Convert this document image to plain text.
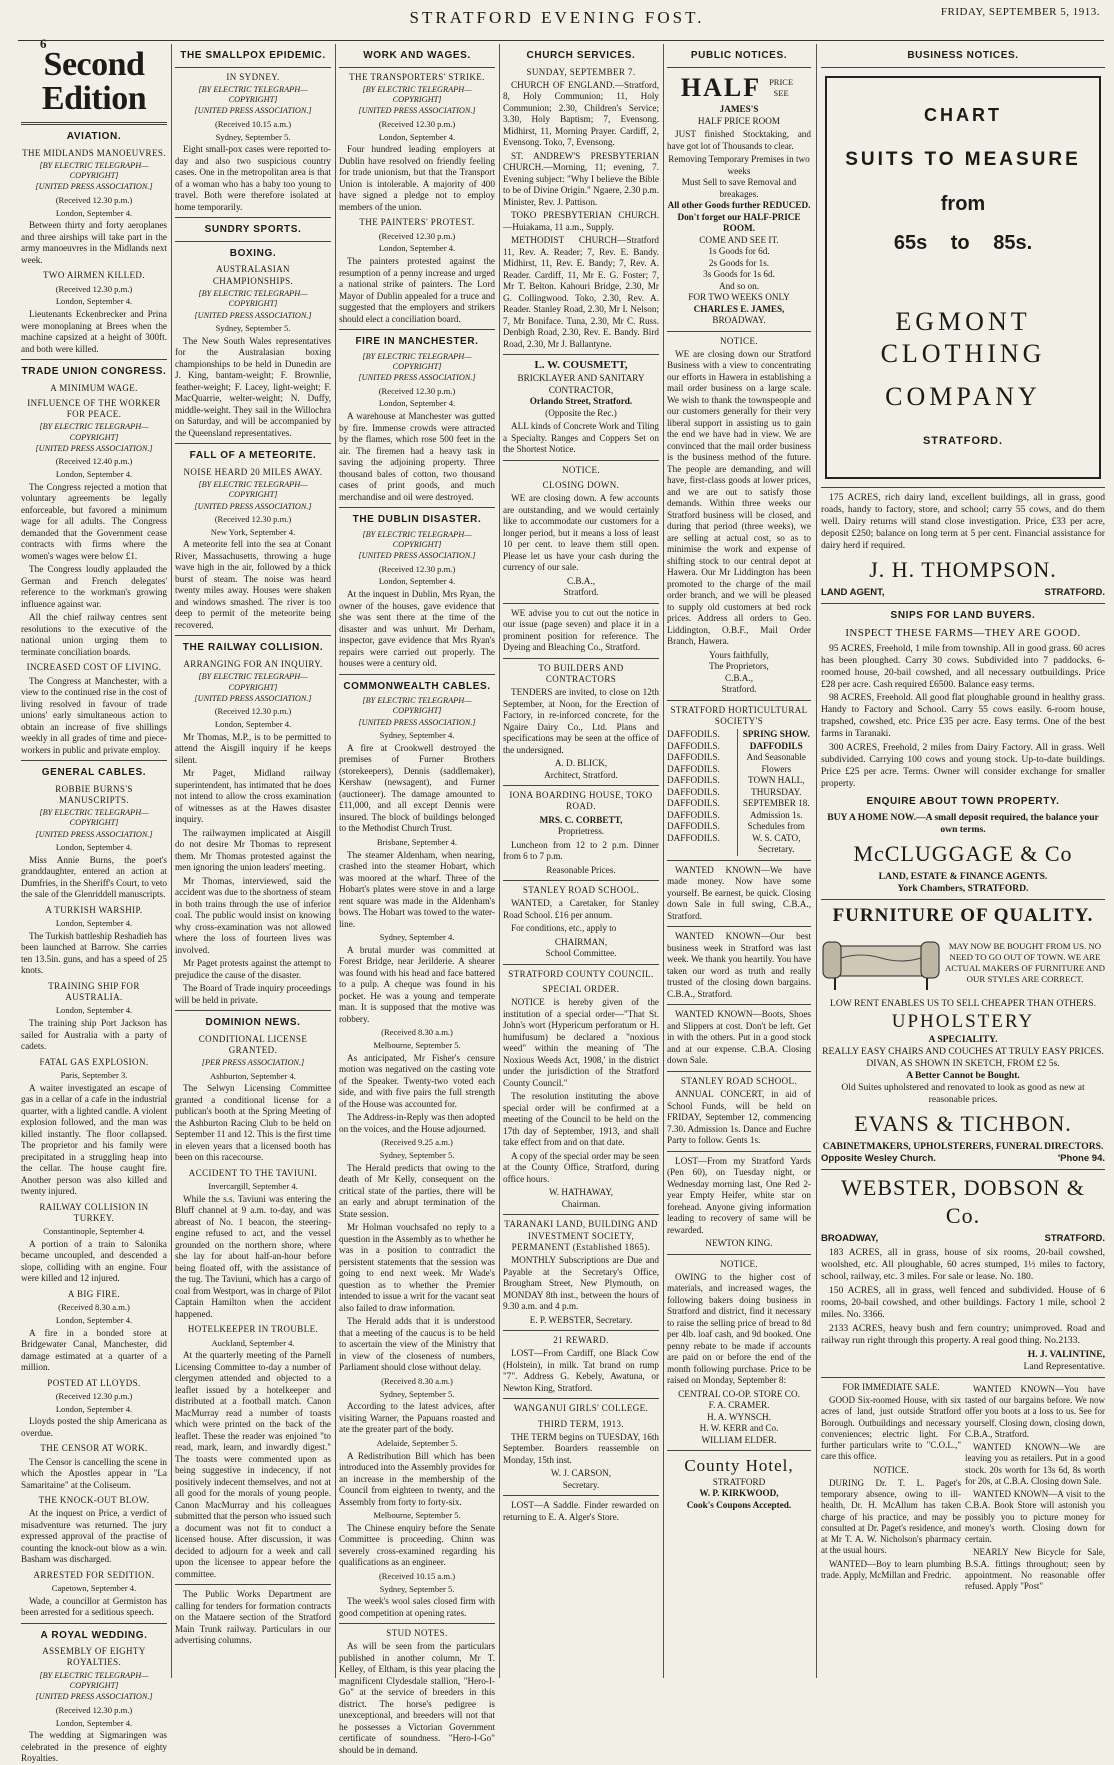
STRATFORD EVENING FOST.	FRIDAY, SEPTEMBER 5, 1913.
6
Second Edition
AVIATION.
THE MIDLANDS MANOEUVRES.
[BY ELECTRIC TELEGRAPH—COPYRIGHT]
[UNITED PRESS ASSOCIATION.]
(Received 12.30 p.m.)
London, September 4.
Between thirty and forty aeroplanes and three airships will take part in the army manoeuvres in the Midlands next week.
TWO AIRMEN KILLED.
(Received 12.30 p.m.)
London, September 4.
Lieutenants Eckenbrecker and Prina were monoplaning at Brees when the machine capsized at a height of 300ft. and both were killed.
TRADE UNION CONGRESS.
A MINIMUM WAGE.
INFLUENCE OF THE WORKER FOR PEACE.
[BY ELECTRIC TELEGRAPH—COPYRIGHT]
[UNITED PRESS ASSOCIATION.]
(Received 12.40 p.m.)
London, September 4.
The Congress rejected a motion that voluntary agreements be legally enforceable, but favored a minimum wage for all adults. The Congress demanded that the Government cease contracts with firms where the women's wages were below £1.
The Congress loudly applauded the German and French delegates' reference to the workman's growing influence against war.
All the chief railway centres sent resolutions to the executive of the national union urging them to terminate conciliation boards.
INCREASED COST OF LIVING.
The Congress at Manchester, with a view to the continued rise in the cost of living resolved in favour of trade unions' early simultaneous action to obtain an increase of five shillings weekly in all grades of time and piece-workers in public and private employ.
GENERAL CABLES.
ROBBIE BURNS'S MANUSCRIPTS.
[BY ELECTRIC TELEGRAPH—COPYRIGHT]
[UNITED PRESS ASSOCIATION.]
London, September 4.
Miss Annie Burns, the poet's granddaughter, entered an action at Dumfries, in the Sheriff's Court, to veto the sale of the Glenriddell manuscripts.
A TURKISH WARSHIP.
London, September 4.
The Turkish battleship Reshadieh has been launched at Barrow. She carries ten 13.5in. guns, and has a speed of 25 knots.
TRAINING SHIP FOR AUSTRALIA.
London, September 4.
The training ship Port Jackson has sailed for Australia with a party of cadets.
FATAL GAS EXPLOSION.
Paris, September 3.
A waiter investigated an escape of gas in a cellar of a cafe in the industrial quarter, with a lighted candle. A violent explosion followed, and the man was killed instantly. The floor collapsed. The proprietor and his family were precipitated in a struggling heap into the cellar. The house caught fire. Another person was also killed and twenty injured.
RAILWAY COLLISION IN TURKEY.
Constantinople, September 4.
A portion of a train to Salonika became uncoupled, and descended a slope, colliding with an engine. Four were killed and 12 injured.
A BIG FIRE.
(Received 8.30 a.m.)
London, September 4.
A fire in a bonded store at Bridgewater Canal, Manchester, did damage estimated at a quarter of a million.
POSTED AT LLOYDS.
(Received 12.30 p.m.)
London, September 4.
Lloyds posted the ship Americana as overdue.
THE CENSOR AT WORK.
The Censor is cancelling the scene in which the Apostles appear in "La Samaritaine" at the Coliseum.
THE KNOCK-OUT BLOW.
At the inquest on Price, a verdict of misadventure was returned. The jury expressed approval of the practise of counting the knock-out blow as a win. Basham was discharged.
ARRESTED FOR SEDITION.
Capetown, September 4.
Wade, a councillor at Germiston has been arrested for a seditious speech.
A ROYAL WEDDING.
ASSEMBLY OF EIGHTY ROYALTIES.
[BY ELECTRIC TELEGRAPH—COPYRIGHT]
[UNITED PRESS ASSOCIATION.]
(Received 12.30 p.m.)
London, September 4.
The wedding at Sigmaringen was celebrated in the presence of eighty Royalties.
THE SMALLPOX EPIDEMIC.
IN SYDNEY.
[BY ELECTRIC TELEGRAPH—COPYRIGHT]
[UNITED PRESS ASSOCIATION.]
(Received 10.15 a.m.)
Sydney, September 5.
Eight small-pox cases were reported to-day and also two suspicious country cases. One in the metropolitan area is that of a woman who has a baby too young to travel. Both were therefore isolated at home temporarily.
SUNDRY SPORTS.
BOXING.
AUSTRALASIAN CHAMPIONSHIPS.
[BY ELECTRIC TELEGRAPH—COPYRIGHT]
[UNITED PRESS ASSOCIATION.]
Sydney, September 5.
The New South Wales representatives for the Australasian boxing championships to be held in Dunedin are J. King, bantam-weight; F. Brownlie, feather-weight; F. Lacey, light-weight; F. MacQuarrie, welter-weight; N. Duffy, middle-weight. They sail in the Willochra on Saturday, and will be accompanied by the Queensland representatives.
FALL OF A METEORITE.
NOISE HEARD 20 MILES AWAY.
[BY ELECTRIC TELEGRAPH—COPYRIGHT]
[UNITED PRESS ASSOCIATION.]
(Received 12.30 p.m.)
New York, September 4.
A meteorite fell into the sea at Conant River, Massachusetts, throwing a huge wave high in the air, followed by a thick burst of steam. The noise was heard twenty miles away. Houses were shaken and windows smashed. The river is too deep to permit of the meteorite being recovered.
THE RAILWAY COLLISION.
ARRANGING FOR AN INQUIRY.
[BY ELECTRIC TELEGRAPH—COPYRIGHT]
[UNITED PRESS ASSOCIATION.]
(Received 12.30 p.m.)
London, September 4.
Mr Thomas, M.P., is to be permitted to attend the Aisgill inquiry if he keeps silent.
Mr Paget, Midland railway superintendent, has intimated that he does not intend to allow the cross examination of witnesses as at the Hawes disaster inquiry.
The railwaymen implicated at Aisgill do not desire Mr Thomas to represent them. Mr Thomas protested against the men ignoring the union leaders' meeting.
Mr Thomas, interviewed, said the accident was due to the shortness of steam in both trains through the use of inferior coal. The public would insist on knowing why cross-examination was not allowed where the loss of fourteen lives was involved.
Mr Paget protests against the attempt to prejudice the cause of the disaster.
The Board of Trade inquiry proceedings will be held in private.
DOMINION NEWS.
CONDITIONAL LICENSE GRANTED.
[PER PRESS ASSOCIATION.]
Ashburton, September 4.
The Selwyn Licensing Committee granted a conditional license for a publican's booth at the Spring Meeting of the Ashburton Racing Club to be held on September 11 and 12. This is the first time in eleven years that a licensed booth has been on this racecourse.
ACCIDENT TO THE TAVIUNI.
Invercargill, September 4.
While the s.s. Taviuni was entering the Bluff channel at 9 a.m. to-day, and was abreast of No. 1 beacon, the steering-engine refused to act, and the vessel grounded on the northern shore, where she lay for about half-an-hour before being floated off, with the assistance of the tug. The Taviuni, which has a cargo of coal from Westport, was in charge of Pilot Captain Hamilton when the accident happened.
HOTELKEEPER IN TROUBLE.
Auckland, September 4.
At the quarterly meeting of the Parnell Licensing Committee to-day a number of clergymen attended and objected to a leaflet issued by a hotelkeeper and distributed at a football match. Canon MacMurray read a number of toasts which were printed on the back of the leaflet. These the reader was enjoined "to read, mark, learn, and inwardly digest." The toasts were commented upon as being suggestive in indecency, if not positively indecent themselves, and not at all good for the morals of young people. Canon MacMurray and his colleagues submitted that the person who issued such a document was not fit to conduct a licensed house. After discussion, it was decided to adjourn for a week and call upon the licensee to appear before the committee.
The Public Works Department are calling for tenders for formation contracts on the Mataere section of the Stratford Main Trunk railway. Particulars in our advertising columns.
WORK AND WAGES.
THE TRANSPORTERS' STRIKE.
[BY ELECTRIC TELEGRAPH—COPYRIGHT]
[UNITED PRESS ASSOCIATION.]
(Received 12.30 p.m.)
London, September 4.
Four hundred leading employers at Dublin have resolved on friendly feeling for trade unionism, but that the Transport Union is intolerable. A majority of 400 have signed a pledge not to employ members of the union.
THE PAINTERS' PROTEST.
(Received 12.30 p.m.)
London, September 4.
The painters protested against the resumption of a penny increase and urged a national strike of painters. The Lord Mayor of Dublin appealed for a truce and suggested that the employers and strikers should elect a conciliation board.
FIRE IN MANCHESTER.
[BY ELECTRIC TELEGRAPH—COPYRIGHT]
[UNITED PRESS ASSOCIATION.]
(Received 12.30 p.m.)
London, September 4.
A warehouse at Manchester was gutted by fire. Immense crowds were attracted by the flames, which rose 500 feet in the air. The firemen had a heavy task in saving the adjoining property. Three thousand bales of cotton, two thousand cases of print goods, and much merchandise and oil were destroyed.
THE DUBLIN DISASTER.
[BY ELECTRIC TELEGRAPH—COPYRIGHT]
[UNITED PRESS ASSOCIATION.]
(Received 12.30 p.m.)
London, September 4.
At the inquest in Dublin, Mrs Ryan, the owner of the houses, gave evidence that she was sent there at the time of the disaster and was unhurt. Mr Derham, inspector, gave evidence that Mrs Ryan's repairs were carried out properly. The houses were a century old.
COMMONWEALTH CABLES.
[BY ELECTRIC TELEGRAPH—COPYRIGHT]
[UNITED PRESS ASSOCIATION.]
Sydney, September 4.
A fire at Crookwell destroyed the premises of Furner Brothers (storekeepers), Dennis (saddlemaker), Kershaw (newsagent), and Furner (auctioneer). The damage amounted to £11,000, and all except Dennis were insured. The block of buildings belonged to the Methodist Church Trust.
Brisbane, September 4.
The steamer Aldenham, when nearing, crashed into the steamer Hobart, which was moored at the wharf. Three of the Hobart's plates were stove in and a large rent square was made in the Aldenham's bows. The Hobart was towed to the water-line.
Sydney, September 4.
A brutal murder was committed at Forest Bridge, near Jerilderie. A shearer was found with his head and face battered to a pulp. A cheque was found in his pocket. He was a young and temperate man. It is supposed that the motive was robbery.
(Received 8.30 a.m.)
Melbourne, September 5.
As anticipated, Mr Fisher's censure motion was negatived on the casting vote of the Speaker. Twenty-two voted each side, and with five pairs the full strength of the House was accounted for.
The Address-in-Reply was then adopted on the voices, and the House adjourned.
(Received 9.25 a.m.)
Sydney, September 5.
The Herald predicts that owing to the death of Mr Kelly, consequent on the critical state of the parties, there will be an early and abrupt termination of the State session.
Mr Holman vouchsafed no reply to a question in the Assembly as to whether he was in a position to contradict the persistent statements that the session was going to end next week. Mr Wade's question as to whether the Premier intended to issue a writ for the vacant seat also failed to draw information.
The Herald adds that it is understood that a meeting of the caucus is to be held to ascertain the view of the Ministry that in view of the closeness of numbers, Parliament should close without delay.
(Received 8.30 a.m.)
Sydney, September 5.
According to the latest advices, after visiting Warner, the Papuans roasted and ate the greater part of the body.
Adelaide, September 5.
A Redistribution Bill which has been introduced into the Assembly provides for an increase in the membership of the Council from eighteen to twenty, and the Assembly from forty to forty-six.
Melbourne, September 5.
The Chinese enquiry before the Senate Committee is proceeding. Chinn was severely cross-examined regarding his qualifications as an engineer.
(Received 10.15 a.m.)
Sydney, September 5.
The week's wool sales closed firm with good competition at opening rates.
STUD NOTES.
As will be seen from the particulars published in another column, Mr T. Kelley, of Eltham, is this year placing the magnificent Clydesdale stallion, "Hero-I-Go" at the service of breeders in this district. The horse's pedigree is unexceptional, and breeders will not that he possesses a Victorian Government certificate of soundness. "Hero-I-Go" should be in demand.
CHURCH SERVICES.
SUNDAY, SEPTEMBER 7.
CHURCH OF ENGLAND.—Stratford, 8, Holy Communion; 11, Holy Communion; 2.30, Children's Service; 3.30, Holy Baptism; 7, Evensong. Midhirst, 11, Morning Prayer. Cardiff, 2, Evensong. Toko, 7, Evensong.
ST. ANDREW'S PRESBYTERIAN CHURCH.—Morning, 11; evening, 7. Evening subject: "Why I believe the Bible to be of Divine Origin." Ngaere, 2.30 p.m. Minister, Rev. J. Pattison.
TOKO PRESBYTERIAN CHURCH.—Huiakama, 11 a.m., Supply.
METHODIST CHURCH—Stratford 11, Rev. A. Reader; 7, Rev. E. Bandy. Midhirst, 11, Rev. E. Bandy; 7, Rev. A. Reader. Cardiff, 11, Mr E. G. Foster; 7, Mr T. Belton. Kahouri Bridge, 2.30, Mr G. Collingwood. Toko, 2.30, Rev. A. Reader. Stanley Road, 2.30, Mr I. Nelson; 7, Mr Boniface. Tuna, 2.30, Mr C. Russ. Denbigh Road, 2.30, Rev. E. Bandy. Bird Road, 2.30, Mr J. Ballantyne.
L. W. COUSMETT,
BRICKLAYER AND SANITARY CONTRACTOR,
Orlando Street, Stratford.
(Opposite the Rec.)
ALL kinds of Concrete Work and Tiling a Specialty. Ranges and Coppers Set on the Shortest Notice.
NOTICE.
CLOSING DOWN.
WE are closing down. A few accounts are outstanding, and we would certainly like to accommodate our customers for a longer period, but it means a loss of least 10 per cent. to leave them still open. Please let us have your cash during the currency of our sale.
C.B.A.,
Stratford.
WE advise you to cut out the notice in our issue (page seven) and place it in a prominent position for reference. The Dyeing and Bleaching Co., Stratford.
TO BUILDERS AND CONTRACTORS
TENDERS are invited, to close on 12th September, at Noon, for the Erection of Factory, in re-inforced concrete, for the Ngaire Dairy Co., Ltd. Plans and specifications may be seen at the office of the undersigned.
A. D. BLICK,
Architect, Stratford.
IONA BOARDING HOUSE, TOKO ROAD.
MRS. C. CORBETT,
Proprietress.
Luncheon from 12 to 2 p.m. Dinner from 6 to 7 p.m.
Reasonable Prices.
STANLEY ROAD SCHOOL.
WANTED, a Caretaker, for Stanley Road School. £16 per annum.
For conditions, etc., apply to
CHAIRMAN,
School Committee.
STRATFORD COUNTY COUNCIL.
SPECIAL ORDER.
NOTICE is hereby given of the institution of a special order—"That St. John's wort (Hypericum perforatum or H. humifusum) be declared a "noxious weed" within the meaning of 'The Noxious Weeds Act, 1908,' in the district under the jurisdiction of the Stratford County Council."
The resolution instituting the above special order will be confirmed at a meeting of the Council to be held on the 17th day of September, 1913, and shall take effect from and on that date.
A copy of the special order may be seen at the County Office, Stratford, during office hours.
W. HATHAWAY,
Chairman.
TARANAKI LAND, BUILDING AND INVESTMENT SOCIETY, PERMANENT (Established 1865).
MONTHLY Subscriptions are Due and Payable at the Secretary's Office, Brougham Street, New Plymouth, on MONDAY 8th inst., between the hours of 9.30 a.m. and 4 p.m.
E. P. WEBSTER, Secretary.
21 REWARD.
LOST—From Cardiff, one Black Cow (Holstein), in milk. Tat brand on rump "7". Address G. Kebely, Awatuna, or Newton King, Stratford.
WANGANUI GIRLS' COLLEGE.
THIRD TERM, 1913.
THE TERM begins on TUESDAY, 16th September. Boarders reassemble on Monday, 15th inst.
W. J. CARSON,
Secretary.
LOST—A Saddle. Finder rewarded on returning to E. A. Alger's Store.
PUBLIC NOTICES.
HALF PRICE SEE
JAMES'S
HALF PRICE ROOM
JUST finished Stocktaking, and have got lot of Thousands to clear.
Removing Temporary Premises in two weeks
Must Sell to save Removal and breakages.
All other Goods further REDUCED.
Don't forget our HALF-PRICE ROOM.
COME AND SEE IT.
1s Goods for 6d.
2s Goods for 1s.
3s Goods for 1s 6d.
And so on.
FOR TWO WEEKS ONLY
CHARLES E. JAMES,
BROADWAY.
NOTICE.
WE are closing down our Stratford Business with a view to concentrating our efforts in Hawera in establishing a mail order business on a large scale. We wish to thank the townspeople and our customers generally for their very liberal support in assisting us to gain the end we have had in view. We are convinced that the mail order business is the business method of the future. The people are demanding, and will have, first-class goods at lower prices, and we are out to satisfy those demands. Within three weeks our Stratford business will be closed, and during that period (three weeks), we are selling at actual cost, so as to minimise the work and expense of shifting stock to our central depot at Hawera. Our Mr Liddington has been promoted to the charge of the mail order branch, and we will be pleased to supply old customers at bed rock prices. Address all orders to Geo. Liddington, O.B.F., Mail Order Branch, Hawera.
Yours faithfully,
The Proprietors,
C.B.A.,
Stratford.
STRATFORD HORTICULTURAL SOCIETY'S
DAFFODILS.
DAFFODILS.
DAFFODILS.
DAFFODILS.
DAFFODILS.
DAFFODILS.
DAFFODILS.
DAFFODILS.
DAFFODILS.
DAFFODILS.
SPRING SHOW.
DAFFODILS
And Seasonable Flowers
TOWN HALL,
THURSDAY.
SEPTEMBER 18.
Admission 1s.
Schedules from
W. S. CATO,
Secretary.
WANTED KNOWN—We have made money. Now have some yourself. Be earnest, be quick. Closing down Sale in full swing, C.B.A., Stratford.
WANTED KNOWN—Our best business week in Stratford was last week. We thank you heartily. You have taken our word as truth and really trusted of the closing down bargains. C.B.A., Stratford.
WANTED KNOWN—Boots, Shoes and Slippers at cost. Don't be left. Get in with the others. Put in a good stock and at our expense. C.B.A. Closing down Sale.
STANLEY ROAD SCHOOL.
ANNUAL CONCERT, in aid of School Funds, will be held on FRIDAY, September 12, commencing 7.30. Admission 1s. Dance and Euchre Party to follow. Gents 1s.
LOST—From my Stratford Yards (Pen 60), on Tuesday night, or Wednesday morning last, One Red 2-year Empty Heifer, white star on forehead. Anyone giving information leading to recovery of same will be rewarded.
NEWTON KING.
NOTICE.
OWING to the higher cost of materials, and increased wages, the following bakers doing business in Stratford and district, find it necessary to raise the selling price of bread to 8d per 4lb. loaf cash, and 9d booked. One penny rebate to be made if accounts are paid on or before the end of the month following purchase. Price to be raised on Monday, September 8:
CENTRAL CO-OP. STORE CO.
F. A. CRAMER.
H. A. WYNSCH.
H. W. KERR and Co.
WILLIAM ELDER.
County Hotel,
STRATFORD
W. P. KIRKWOOD,
Cook's Coupons Accepted.
BUSINESS NOTICES.
CHART
SUITS TO MEASURE
from
65s to 85s.
EGMONT CLOTHING
COMPANY
STRATFORD.
175 ACRES, rich dairy land, excellent buildings, all in grass, good roads, handy to factory, store, and school; carry 55 cows, and do them well. Dairy returns will stand close investigation. Price, £33 per acre, deposit £250; balance on long term at 5 per cent. Financial assistance for dairy herd if required.
J. H. THOMPSON.
LAND AGENT,	STRATFORD.
SNIPS FOR LAND BUYERS.
INSPECT THESE FARMS—THEY ARE GOOD.
95 ACRES, Freehold, 1 mile from township. All in good grass. 60 acres has been ploughed. Carry 30 cows. Subdivided into 7 paddocks. 6-roomed house, 20-bail cowshed, and all necessary outbuildings. Price £28 per acre. Cash required £6500. Balance easy terms.
98 ACRES, Freehold. All good flat ploughable ground in healthy grass. Handy to Factory and School. Carry 55 cows easily. 6-room house, trapshed, cowshed, etc. Price £35 per acre. Easy terms. One of the best farms in Taranaki.
300 ACRES, Freehold, 2 miles from Dairy Factory. All in grass. Well subdivided. Carrying 100 cows and young stock. Up-to-date buildings. Price £25 per acre. Terms. Owner will consider exchange for smaller property.
ENQUIRE ABOUT TOWN PROPERTY.
BUY A HOME NOW.—A small deposit required, the balance your own terms.
McCLUGGAGE & Co
LAND, ESTATE & FINANCE AGENTS.
York Chambers, STRATFORD.
FURNITURE OF QUALITY.
MAY NOW BE BOUGHT FROM US. NO NEED TO GO OUT OF TOWN. WE ARE ACTUAL MAKERS OF FURNITURE AND OUR STYLES ARE CORRECT.
LOW RENT ENABLES US TO SELL CHEAPER THAN OTHERS.
UPHOLSTERY
A SPECIALITY.
REALLY EASY CHAIRS AND COUCHES AT TRULY EASY PRICES. DIVAN, AS SHOWN IN SKETCH, FROM £2 5s.
A Better Cannot be Bought.
Old Suites upholstered and renovated to look as good as new at reasonable prices.
EVANS & TICHBON.
CABINETMAKERS, UPHOLSTERERS, FUNERAL DIRECTORS.
Opposite Wesley Church.	'Phone 94.
WEBSTER, DOBSON & Co.
BROADWAY,	STRATFORD.
183 ACRES, all in grass, house of six rooms, 20-bail cowshed, woolshed, etc. All ploughable, 60 acres stumped, 1½ miles to factory, school, railway, etc. 3 miles. For sale or lease. No. 180.
150 ACRES, all in grass, well fenced and subdivided. House of 6 rooms, 20-bail cowshed, and other buildings. Factory 1 mile, school 2 miles. No. 3366.
2133 ACRES, heavy bush and fern country; unimproved. Road and railway run right through this property. A real good thing. No.2133.
H. J. VALINTINE,
Land Representative.
FOR IMMEDIATE SALE.
GOOD Six-roomed House, with six acres of land, just outside Stratford Borough. Outbuildings and necessary conveniences; electric light. For further particulars write to "C.O.L.," care this office.
NOTICE.
DURING Dr. T. L. Paget's temporary absence, owing to ill-health, Dr. H. McAllum has taken charge of his practice, and may be consulted at Dr. Paget's residence, and at Mr T. A. W. Nicholson's pharmacy at the usual hours.
WANTED—Boy to learn plumbing trade. Apply, McMillan and Fredric.
WANTED KNOWN—You have tasted of our bargains before. We now offer you boots at a loss to us. See for yourself. Closing down, closing down, C.B.A., Stratford.
WANTED KNOWN—We are leaving you as retailers. Put in a good stock. 20s worth for 13s 6d, 8s worth for 20s, at C.B.A. Closing down Sale.
WANTED KNOWN—A visit to the C.B.A. Book Store will astonish you possibly you to picture money for money's worth. Closing down for certain.
NEARLY New Bicycle for Sale, B.S.A. fittings throughout; seen by appointment. No reasonable offer refused. Apply "Post"
